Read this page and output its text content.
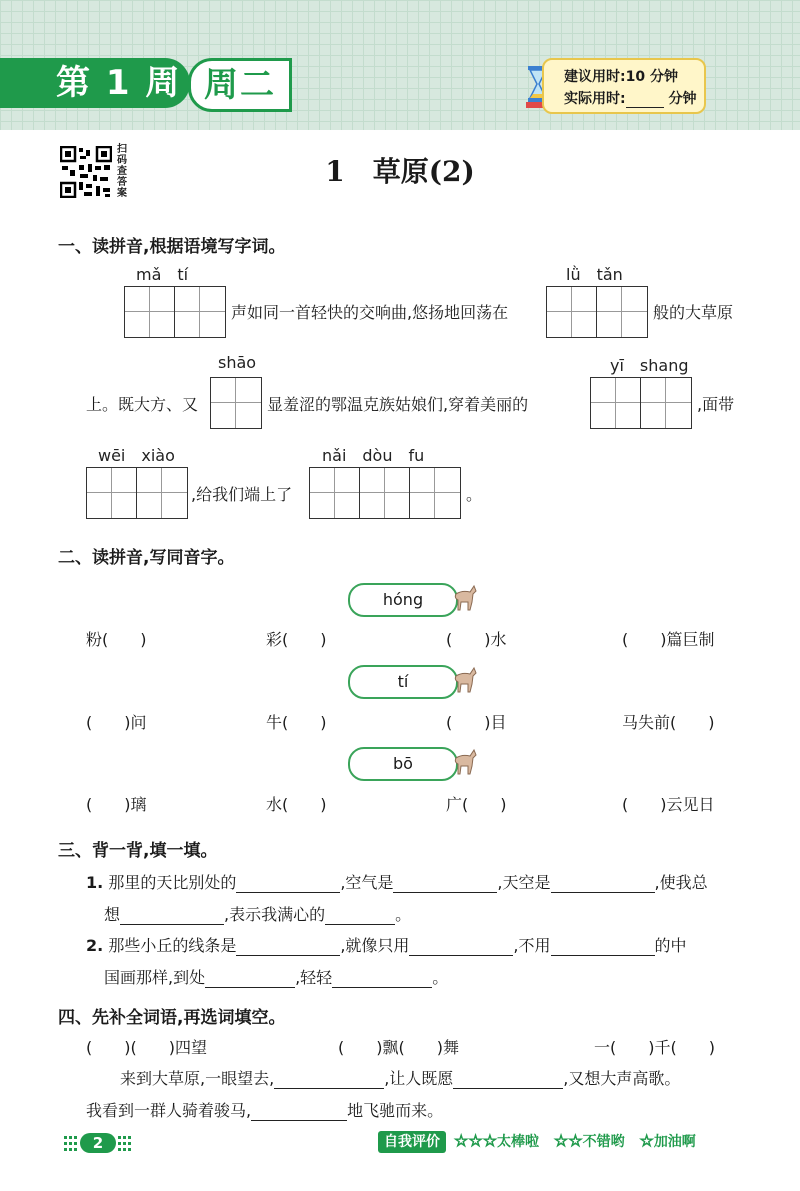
第 1 周 周二	建议用时:10 分钟
实际用时:	分钟
扫码查答案
1　草原(2)
一、读拼音,根据语境写字词。
mǎ　tí
声如同一首轻快的交响曲,悠扬地回荡在
lǜ　tǎn
般的大草原
shāo
上。既大方、又	显羞涩的鄂温克族姑娘们,穿着美丽的
yī　shang
,面带
wēi　xiào
,给我们端上了
nǎi　dòu　fu
。
二、读拼音,写同音字。
hóng
tí
bō
粉(　　)	彩(　　)	(　　)水	(　　)篇巨制
(　　)问	牛(　　)	(　　)目	马失前(　　)
(　　)璃	水(　　)	广(　　)	(　　)云见日
三、背一背,填一填。
1. 那里的天比别处的	,空气是	,天空是	,使我总
想	,表示我满心的	。
2. 那些小丘的线条是	,就像只用	,不用	的中
国画那样,到处	,轻轻	。
四、先补全词语,再选词填空。
(　　)(　　)四望	(　　)飘(　　)舞	一(　　)千(　　)
来到大草原,一眼望去,	,让人既愿	,又想大声高歌。
我看到一群人骑着骏马,	地飞驰而来。
2	自我评价 ☆☆☆太棒啦 ☆☆不错哟 ☆加油啊
